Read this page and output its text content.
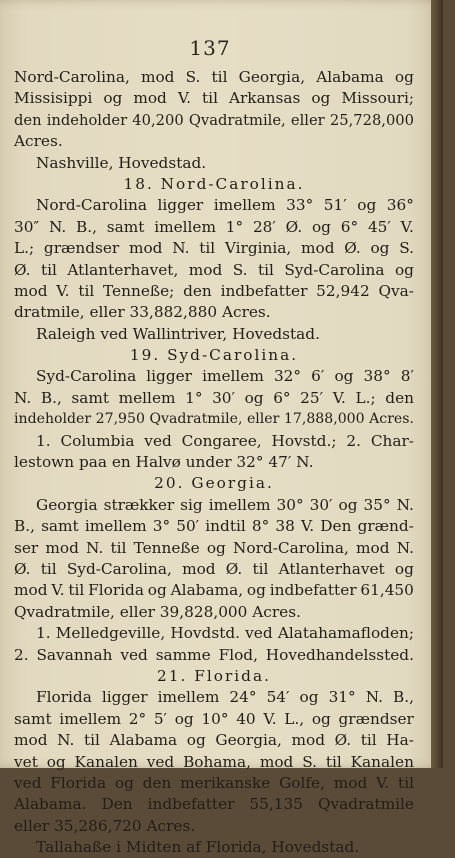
137
Nord-Carolina, mod S. til Georgia, Alabama og
Missisippi og mod V. til Arkansas og Missouri;
den indeholder 40,200 Qvadratmile, eller 25,728,000
Acres.
Nashville, Hovedstad.
18. Nord-Carolina.
Nord-Carolina ligger imellem 33° 51′ og 36°
30″ N. B., samt imellem 1° 28′ Ø. og 6° 45′ V.
L.; grændser mod N. til Virginia, mod Ø. og S.
Ø. til Atlanterhavet, mod S. til Syd-Carolina og
mod V. til Tenneße; den indbefatter 52,942 Qva-
dratmile, eller 33,882,880 Acres.
Raleigh ved Wallintriver, Hovedstad.
19. Syd-Carolina.
Syd-Carolina ligger imellem 32° 6′ og 38° 8′
N. B., samt mellem 1° 30′ og 6° 25′ V. L.; den
indeholder 27,950 Qvadratmile, eller 17,888,000 Acres.
1. Columbia ved Congaree, Hovstd.; 2. Char-
lestown paa en Halvø under 32° 47′ N.
20. Georgia.
Georgia strækker sig imellem 30° 30′ og 35° N.
B., samt imellem 3° 50′ indtil 8° 38 V. Den grænd-
ser mod N. til Tenneße og Nord-Carolina, mod N.
Ø. til Syd-Carolina, mod Ø. til Atlanterhavet og
mod V. til Florida og Alabama, og indbefatter 61,450
Qvadratmile, eller 39,828,000 Acres.
1. Melledgeville, Hovdstd. ved Alatahamafloden;
2. Savannah ved samme Flod, Hovedhandelssted.
21. Florida.
Florida ligger imellem 24° 54′ og 31° N. B.,
samt imellem 2° 5′ og 10° 40 V. L., og grændser
mod N. til Alabama og Georgia, mod Ø. til Ha-
vet og Kanalen ved Bohama, mod S. til Kanalen
ved Florida og den merikanske Golfe, mod V. til
Alabama. Den indbefatter 55,135 Qvadratmile
eller 35,286,720 Acres.
Tallahaße i Midten af Florida, Hovedstad.
